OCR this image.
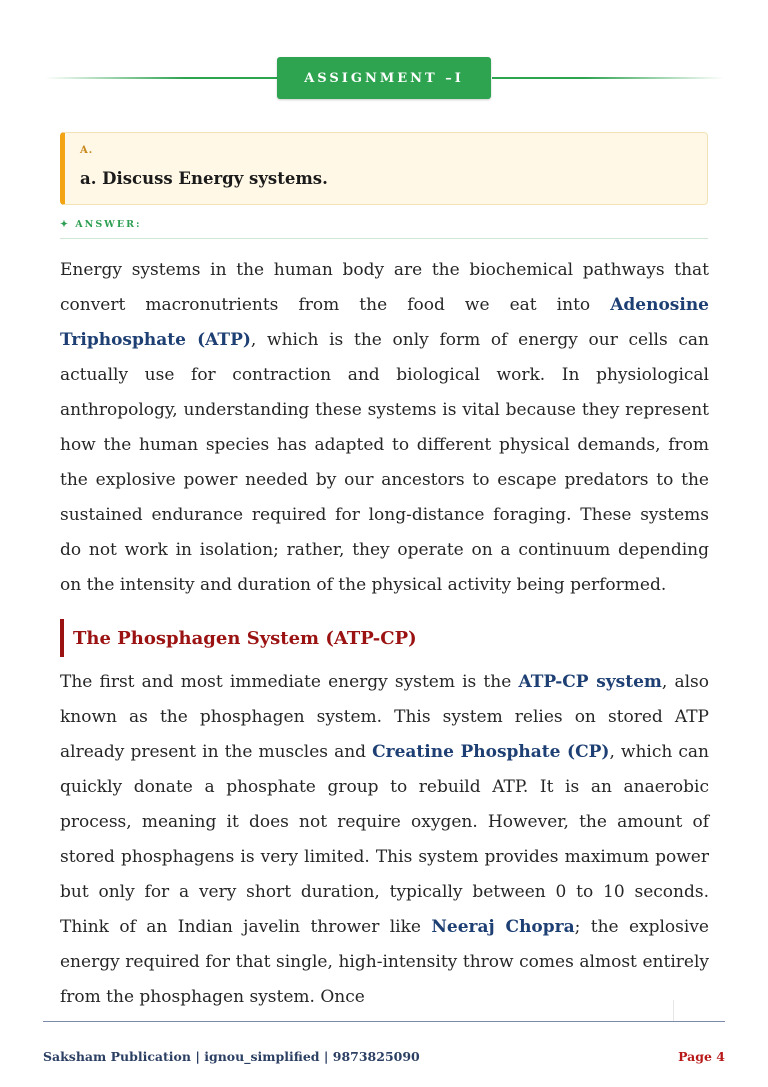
ASSIGNMENT –I
A.
a. Discuss Energy systems.
✦ ANSWER:

Energy systems in the human body are the biochemical pathways that convert macronutrients from the food we eat into Adenosine Triphosphate (ATP), which is the only form of energy our cells can actually use for contraction and biological work. In physiological anthropology, understanding these systems is vital because they represent how the human species has adapted to different physical demands, from the explosive power needed by our ancestors to escape predators to the sustained endurance required for long-distance foraging. These systems do not work in isolation; rather, they operate on a continuum depending on the intensity and duration of the physical activity being performed.

The Phosphagen System (ATP-CP)

The first and most immediate energy system is the ATP-CP system, also known as the phosphagen system. This system relies on stored ATP already present in the muscles and Creatine Phosphate (CP), which can quickly donate a phosphate group to rebuild ATP. It is an anaerobic process, meaning it does not require oxygen. However, the amount of stored phosphagens is very limited. This system provides maximum power but only for a very short duration, typically between 0 to 10 seconds. Think of an Indian javelin thrower like Neeraj Chopra; the explosive energy required for that single, high-intensity throw comes almost entirely from the phosphagen system. Once

Saksham Publication | ignou_simplified | 9873825090	Page 4
